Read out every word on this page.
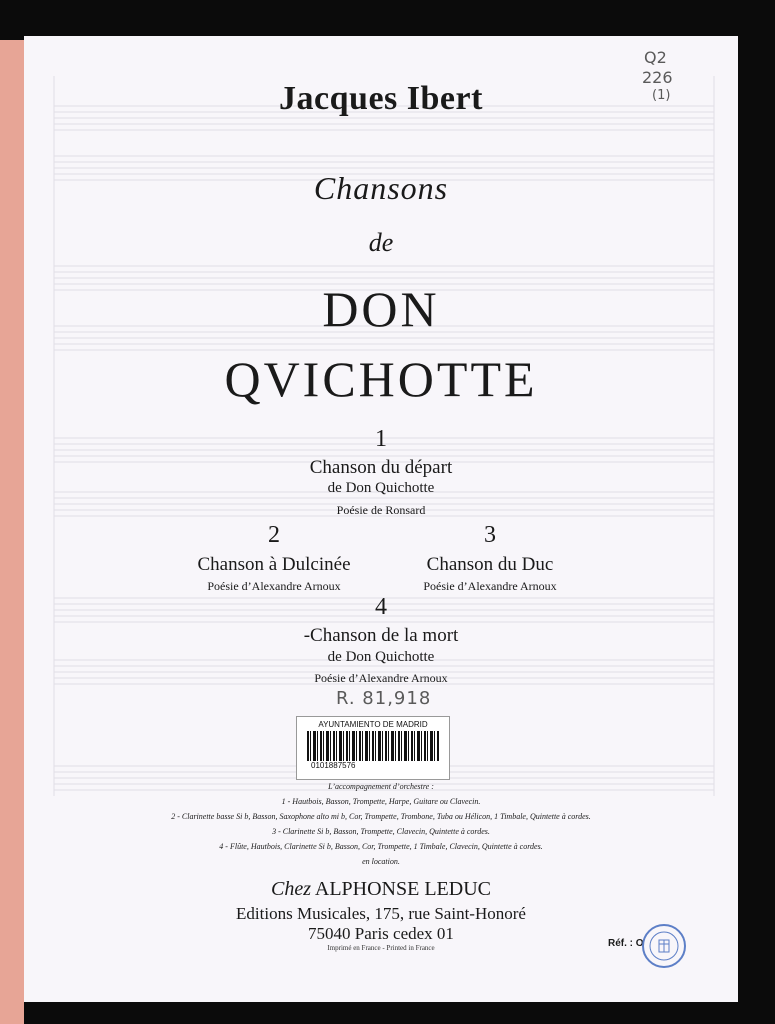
Q2
226
(1)
Jacques Ibert
Chansons
de
DON
QVICHOTTE
1
Chanson du départ
de Don Quichotte
Poésie de Ronsard
2
Chanson à Dulcinée
Poésie d’Alexandre Arnoux
3
Chanson du Duc
Poésie d’Alexandre Arnoux
4
-Chanson de la mort
de Don Quichotte
Poésie d’Alexandre Arnoux
R. 81,918
AYUNTAMIENTO DE MADRID
0101887576
L’accompagnement d’orchestre :
1 - Hautbois, Basson, Trompette, Harpe, Guitare ou Clavecin.
2 - Clarinette basse Si b, Basson, Saxophone alto mi b, Cor, Trompette, Trombone, Tuba ou Hélicon, 1 Timbale, Quintette à cordes.
3 - Clarinette Si b, Basson, Trompette, Clavecin, Quintette à cordes.
4 - Flûte, Hautbois, Clarinette Si b, Basson, Cor, Trompette, 1 Timbale, Clavecin, Quintette à cordes.
en location.
Chez ALPHONSE LEDUC
Editions Musicales, 175, rue Saint-Honoré
75040 Paris cedex 01
Imprimé en France - Printed in France	Réf. : O
